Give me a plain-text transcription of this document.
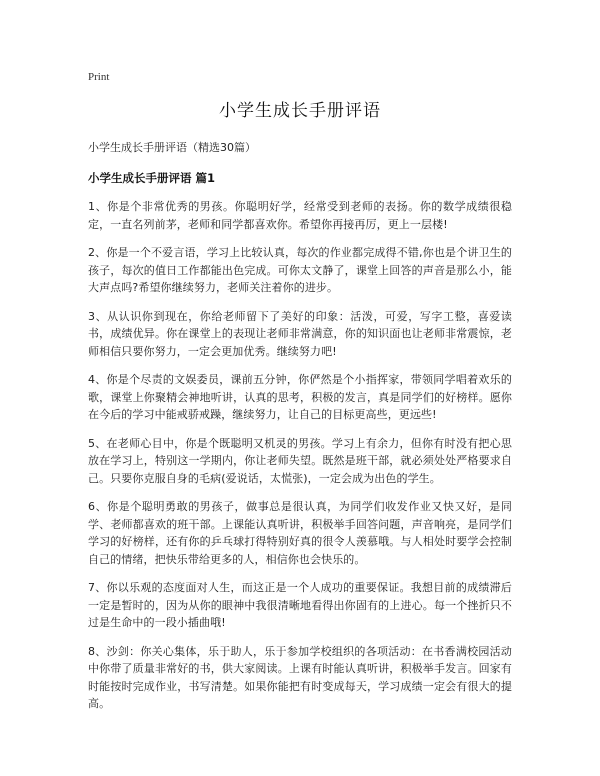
Print
小学生成长手册评语
小学生成长手册评语（精选30篇）
小学生成长手册评语 篇1

1、你是个非常优秀的男孩。你聪明好学，经常受到老师的表扬。你的数学成绩很稳定，一直名列前茅，老师和同学都喜欢你。希望你再接再厉，更上一层楼!

2、你是一个不爱言语，学习上比较认真，每次的作业都完成得不错,你也是个讲卫生的孩子，每次的值日工作都能出色完成。可你太文静了，课堂上回答的声音是那么小，能大声点吗?希望你继续努力，老师关注着你的进步。

3、从认识你到现在，你给老师留下了美好的印象：活泼，可爱，写字工整，喜爱读书，成绩优异。你在课堂上的表现让老师非常满意，你的知识面也让老师非常震惊，老师相信只要你努力，一定会更加优秀。继续努力吧!

4、你是个尽责的文娱委员，课前五分钟，你俨然是个小指挥家，带领同学唱着欢乐的歌，课堂上你聚精会神地听讲，认真的思考，积极的发言，真是同学们的好榜样。愿你在今后的学习中能戒骄戒躁，继续努力，让自己的目标更高些，更远些!

5、在老师心目中，你是个既聪明又机灵的男孩。学习上有余力，但你有时没有把心思放在学习上，特别这一学期内，你让老师失望。既然是班干部，就必须处处严格要求自己。只要你克服自身的毛病(爱说话，太慌张)，一定会成为出色的学生。

6、你是个聪明勇敢的男孩子，做事总是很认真，为同学们收发作业又快又好，是同学、老师都喜欢的班干部。上课能认真听讲，积极举手回答问题，声音响亮，是同学们学习的好榜样，还有你的乒乓球打得特别好真的很令人羡慕哦。与人相处时要学会控制自己的情绪，把快乐带给更多的人，相信你也会快乐的。

7、你以乐观的态度面对人生，而这正是一个人成功的重要保证。我想目前的成绩滞后一定是暂时的，因为从你的眼神中我很清晰地看得出你固有的上进心。每一个挫折只不过是生命中的一段小插曲哦!

8、沙剑：你关心集体，乐于助人，乐于参加学校组织的各项活动：在书香满校园活动中你带了质量非常好的书，供大家阅读。上课有时能认真听讲，积极举手发言。回家有时能按时完成作业，书写清楚。如果你能把有时变成每天，学习成绩一定会有很大的提高。
